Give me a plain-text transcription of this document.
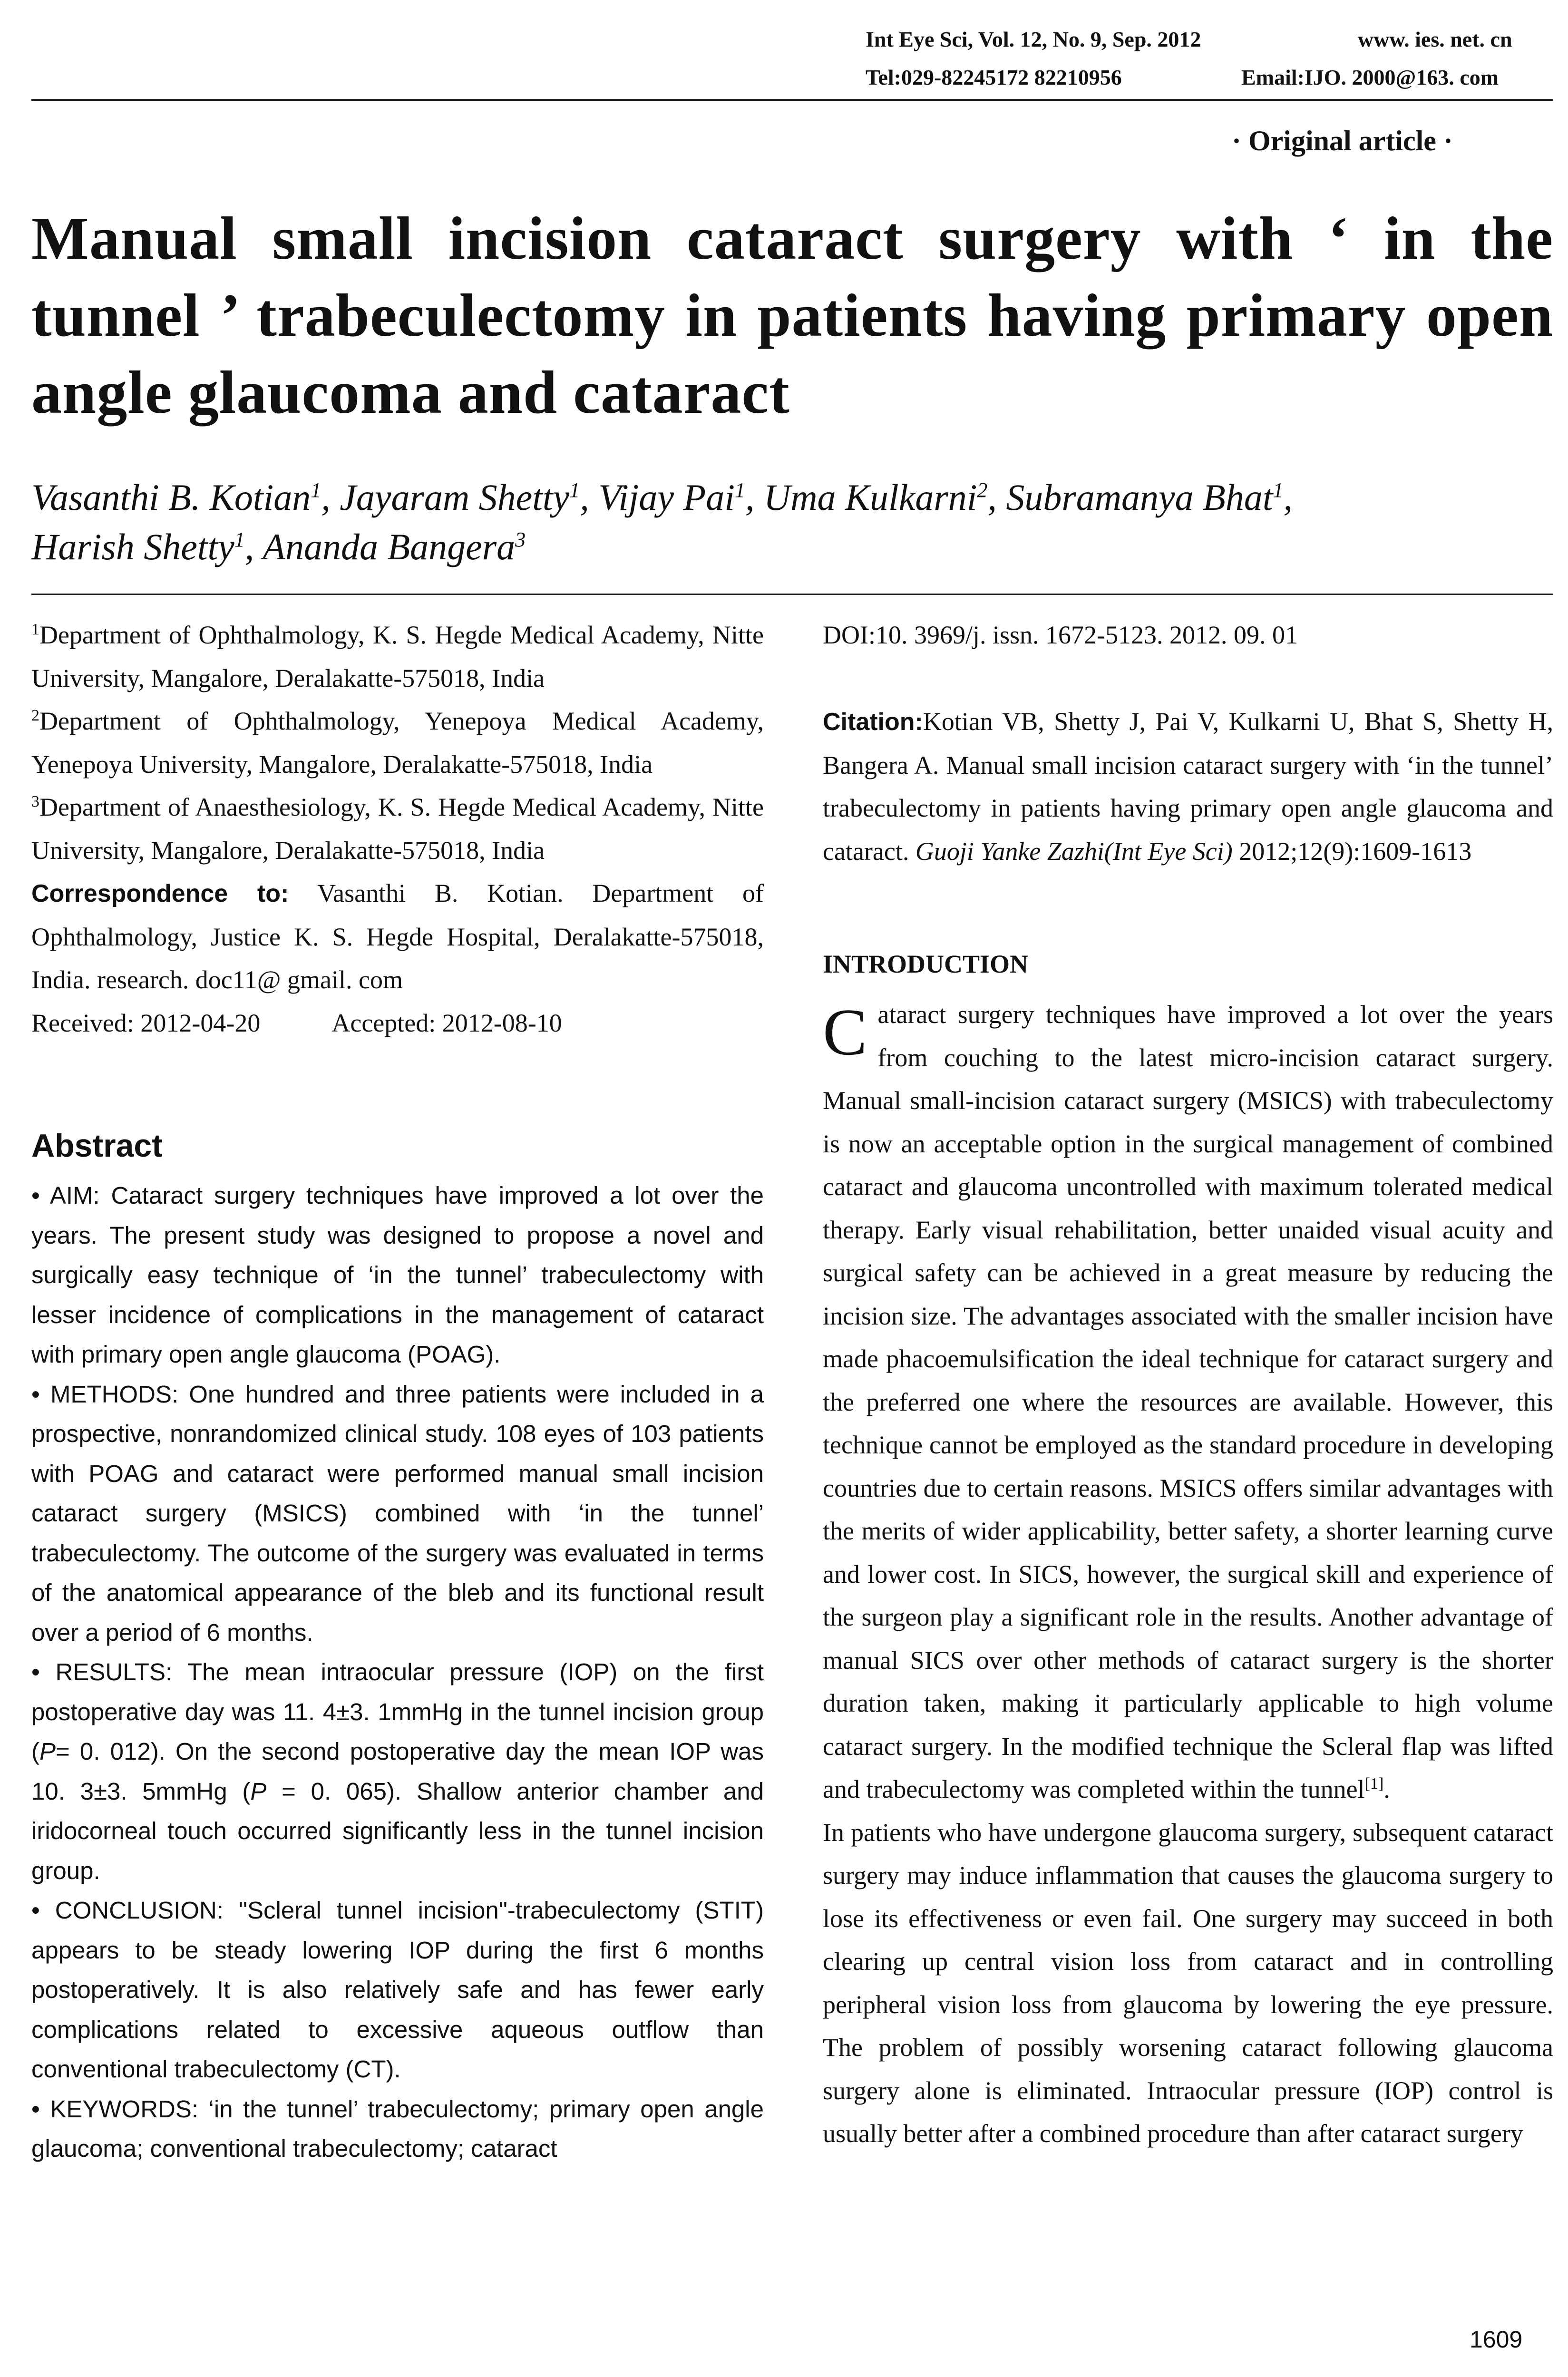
Int Eye Sci, Vol. 12, No. 9, Sep. 2012	www. ies. net. cn
Tel:029-82245172 82210956	Email:IJO. 2000@163. com
· Original article ·
Manual small incision cataract surgery with ‘ in the tunnel ’ trabeculectomy in patients having primary open angle glaucoma and cataract
Vasanthi B. Kotian$^1$, Jayaram Shetty$^1$, Vijay Pai$^1$, Uma Kulkarni$^2$, Subramanya Bhat$^1$,
Harish Shetty$^1$, Ananda Bangera$^3$

$^1$Department of Ophthalmology, K. S. Hegde Medical Academy, Nitte University, Mangalore, Deralakatte-575018, India

$^2$Department of Ophthalmology, Yenepoya Medical Academy, Yenepoya University, Mangalore, Deralakatte-575018, India

$^3$Department of Anaesthesiology, K. S. Hegde Medical Academy, Nitte University, Mangalore, Deralakatte-575018, India

Correspondence to: Vasanthi B. Kotian. Department of Ophthalmology, Justice K. S. Hegde Hospital, Deralakatte-575018, India. research. doc11@ gmail. com

Received: 2012-04-20	Accepted: 2012-08-10

Abstract

• AIM: Cataract surgery techniques have improved a lot over the years. The present study was designed to propose a novel and surgically easy technique of ‘in the tunnel’ trabeculectomy with lesser incidence of complications in the management of cataract with primary open angle glaucoma (POAG).

• METHODS: One hundred and three patients were included in a prospective, nonrandomized clinical study. 108 eyes of 103 patients with POAG and cataract were performed manual small incision cataract surgery (MSICS) combined with ‘in the tunnel’ trabeculectomy. The outcome of the surgery was evaluated in terms of the anatomical appearance of the bleb and its functional result over a period of 6 months.

• RESULTS: The mean intraocular pressure (IOP) on the first postoperative day was 11. 4±3. 1mmHg in the tunnel incision group (P= 0. 012). On the second postoperative day the mean IOP was 10. 3±3. 5mmHg (P = 0. 065). Shallow anterior chamber and iridocorneal touch occurred significantly less in the tunnel incision group.

• CONCLUSION: "Scleral tunnel incision"-trabeculectomy (STIT) appears to be steady lowering IOP during the first 6 months postoperatively. It is also relatively safe and has fewer early complications related to excessive aqueous outflow than conventional trabeculectomy (CT).

• KEYWORDS: ‘in the tunnel’ trabeculectomy; primary open angle glaucoma; conventional trabeculectomy; cataract

DOI:10. 3969/j. issn. 1672-5123. 2012. 09. 01
Citation:Kotian VB, Shetty J, Pai V, Kulkarni U, Bhat S, Shetty H, Bangera A. Manual small incision cataract surgery with ‘in the tunnel’ trabeculectomy in patients having primary open angle glaucoma and cataract. Guoji Yanke Zazhi(Int Eye Sci) 2012;12(9):1609-1613
INTRODUCTION

Cataract surgery techniques have improved a lot over the years from couching to the latest micro-incision cataract surgery. Manual small-incision cataract surgery (MSICS) with trabeculectomy is now an acceptable option in the surgical management of combined cataract and glaucoma uncontrolled with maximum tolerated medical therapy. Early visual rehabilitation, better unaided visual acuity and surgical safety can be achieved in a great measure by reducing the incision size. The advantages associated with the smaller incision have made phacoemulsification the ideal technique for cataract surgery and the preferred one where the resources are available. However, this technique cannot be employed as the standard procedure in developing countries due to certain reasons. MSICS offers similar advantages with the merits of wider applicability, better safety, a shorter learning curve and lower cost. In SICS, however, the surgical skill and experience of the surgeon play a significant role in the results. Another advantage of manual SICS over other methods of cataract surgery is the shorter duration taken, making it particularly applicable to high volume cataract surgery. In the modified technique the Scleral flap was lifted and trabeculectomy was completed within the tunnel[1].

In patients who have undergone glaucoma surgery, subsequent cataract surgery may induce inflammation that causes the glaucoma surgery to lose its effectiveness or even fail. One surgery may succeed in both clearing up central vision loss from cataract and in controlling peripheral vision loss from glaucoma by lowering the eye pressure. The problem of possibly worsening cataract following glaucoma surgery alone is eliminated. Intraocular pressure (IOP) control is usually better after a combined procedure than after cataract surgery

1609
